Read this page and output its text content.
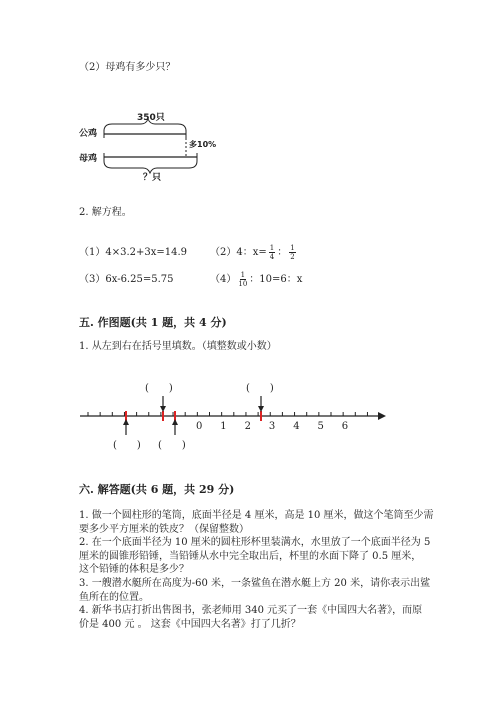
（2）母鸡有多少只？
350只
公鸡
母鸡
多10%
？只
2. 解方程。
（1）4×3.2+3x=14.9 （2）4：$x= \frac{1}{4}$ ： $\frac{1}{2}$
（3）6x-6.25=5.75	$(4) \frac{1}{10}$ ：10=6：x
五. 作图题(共 1 题，共 4 分)
1. 从左到右在括号里填数。（填整数或小数）
(　　)	(　　)
(　　) (　　)
0 1 2 3 4 5 6
六. 解答题(共 6 题，共 29 分)
1. 做一个圆柱形的笔筒，底面半径是 4 厘米，高是 10 厘米，做这个笔筒至少需
要多少平方厘米的铁皮？（保留整数）
2. 在一个底面半径为 10 厘米的圆柱形杯里装满水，水里放了一个底面半径为 5
厘米的圆锥形铅锤，当铅锤从水中完全取出后，杯里的水面下降了 0.5 厘米，
这个铅锤的体积是多少？
3. 一艘潜水艇所在高度为-60 米，一条鲨鱼在潜水艇上方 20 米，请你表示出鲨
鱼所在的位置。
4. 新华书店打折出售图书，张老师用 340 元买了一套《中国四大名著》，而原
价是 400 元 。 这套《中国四大名著》打了几折？
